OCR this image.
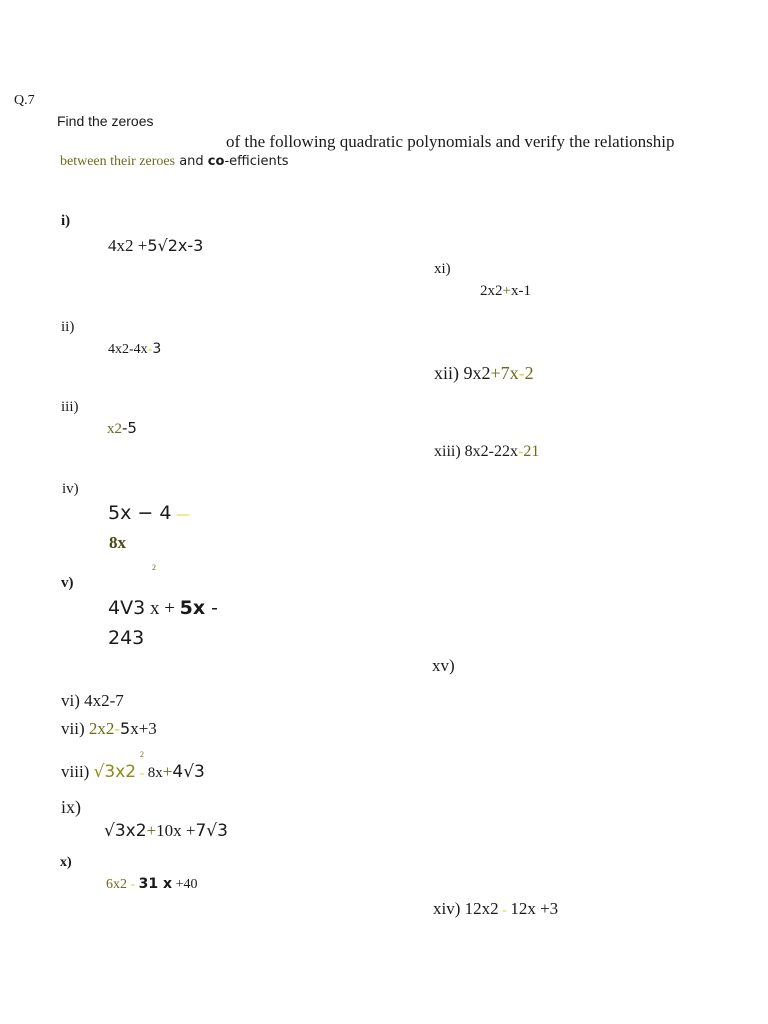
Q.7
Find the zeroes
of the following quadratic polynomials and verify the relationship
between their zeroes and co-efficients
i)
4x2 +5√2x-3
ii)
4x2-4x-3
iii)
x2-5
iv)
5x − 4 —
8x
2
v)
4V3 x + 5x -
243
vi) 4x2-7
vii) 2x2-5x+3
2
viii) √3x2 - 8x+4√3
ix)
√3x2+10x +7√3
x)
6x2 - 31 x +40
xi)
2x2+x-1
xii) 9x2+7x-2
xiii) 8x2-22x-21
xv)
xiv) 12x2 - 12x +3
